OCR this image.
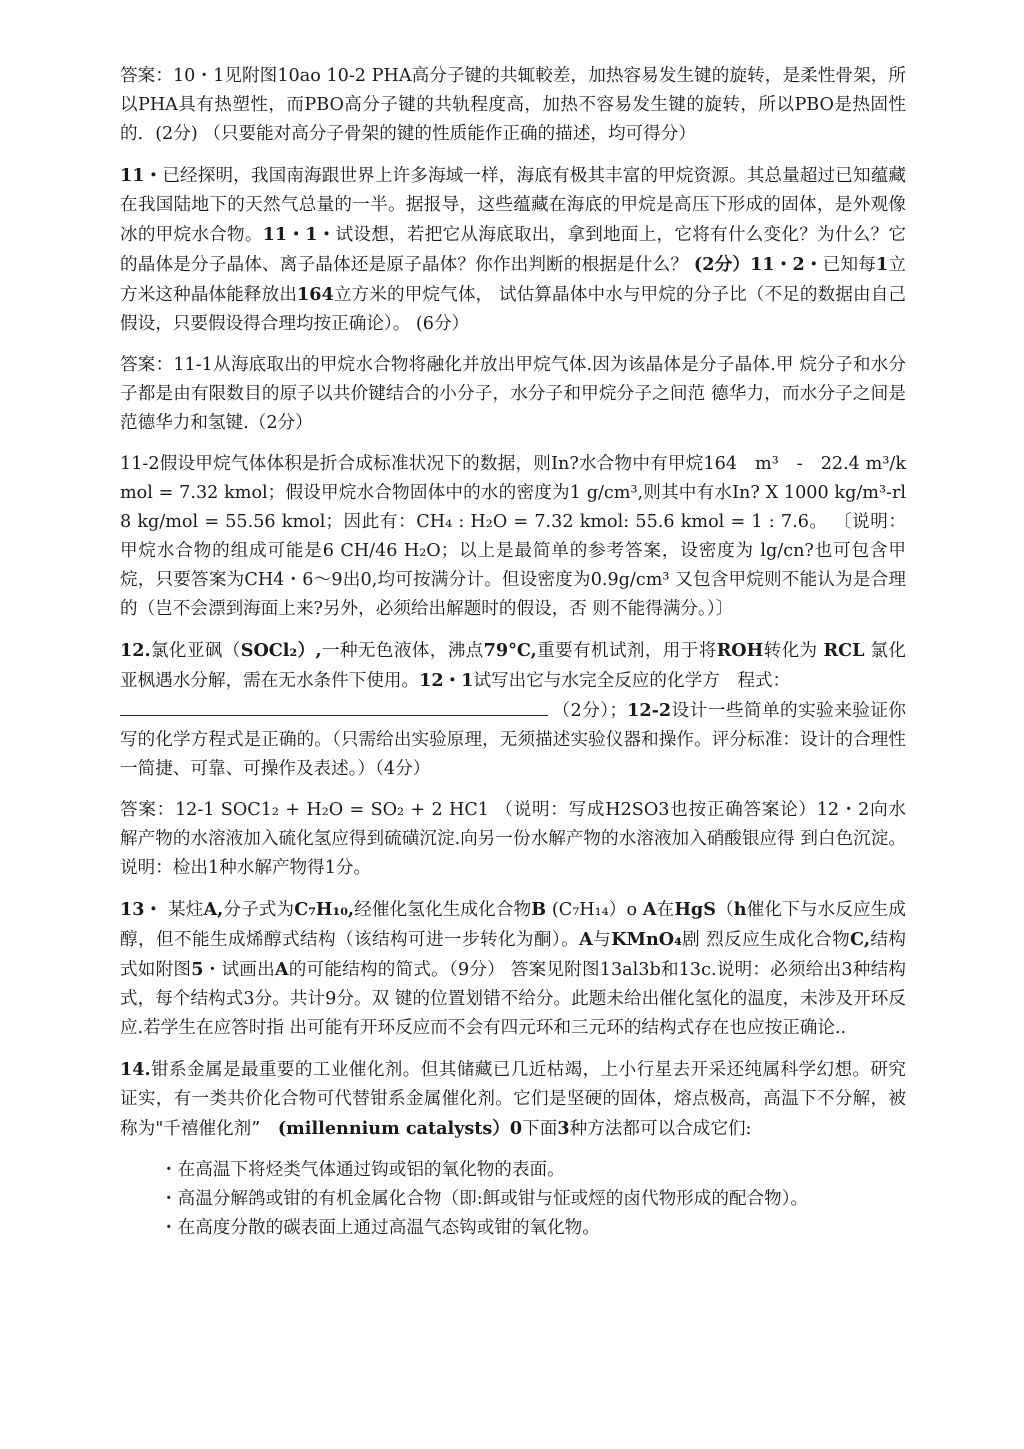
答案：10・1见附图10ao 10-2 PHA高分子键的共辄較差，加热容易发生键的旋转，是柔性骨架，所以PHA具有热塑性，而PBO高分子键的共轨程度高，加热不容易发生键的旋转，所以PBO是热固性的．(2分) （只要能对高分子骨架的键的性质能作正确的描述，均可得分）

11・已经探明，我国南海跟世界上许多海域一样，海底有极其丰富的甲烷资源。其总量超过已知蕴藏在我国陆地下的天然气总量的一半。据报导，这些蕴藏在海底的甲烷是高压下形成的固体，是外观像冰的甲烷水合物。11・1・试设想，若把它从海底取出，拿到地面上，它将有什么变化？为什么？它的晶体是分子晶体、离子晶体还是原子晶体？你作出判断的根据是什么？ (2分）11・2・已知每1立方米这种晶体能释放出164立方米的甲烷气体， 试估算晶体中水与甲烷的分子比（不足的数据由自己假设，只要假设得合理均按正确论）。 (6分）

答案：11-1从海底取出的甲烷水合物将融化并放出甲烷气体.因为该晶体是分子晶体.甲 烷分子和水分子都是由有限数目的原子以共价键结合的小分子，水分子和甲烷分子之间范 德华力，而水分子之间是范德华力和氢键.（2分）

11-2假设甲烷气体体积是折合成标准状况下的数据，则In?水合物中有甲烷164　m³　-　22.4 m³/kmol = 7.32 kmol；假设甲烷水合物固体中的水的密度为1 g/cm³,则其中有水In? X 1000 kg/m³-rl8 kg/mol = 55.56 kmol；因此有：CH₄ : H₂O = 7.32 kmol: 55.6 kmol = 1 : 7.6。 〔说明：甲烷水合物的组成可能是6 CH/46 H₂O；以上是最简单的参考答案，设密度为 lg/cn?也可包含甲烷，只要答案为CH4・6～9出0,均可按满分计。但设密度为0.9g/cm³ 又包含甲烷则不能认为是合理的（岂不会漂到海面上来?另外，必须给出解题时的假设，否 则不能得满分。）〕

12.氯化亚砜（SOCl₂）,一种无色液体，沸点79°C,重要有机试剂，用于将ROH转化为 RCL 氯化亚枫遇水分解，需在无水条件下使用。12・1试写出它与水完全反应的化学方　程式：
（2分）；12-2设计一些简单的实验来验证你写的化学方程式是正确的。（只需给出实验原理，无须描述实验仪器和操作。评分标准：设计的合理性一简捷、可靠、可操作及表述。）（4分）

答案：12-1 SOC1₂ + H₂O = SO₂ + 2 HC1 （说明：写成H2SO3也按正确答案论）12・2向水 解产物的水溶液加入硫化氢应得到硫磺沉淀.向另一份水解产物的水溶液加入硝酸银应得 到白色沉淀。说明：检出1种水解产物得1分。

13・ 某炷A,分子式为C₇H₁₀,经催化氢化生成化合物B (C₇H₁₄）o A在HgS（h催化下与水反应生成醇，但不能生成烯醇式结构（该结构可进一步转化为酮）。A与KMnO₄剧 烈反应生成化合物C,结构式如附图5・试画出A的可能结构的简式。（9分） 答案见附图13al3b和13c.说明：必须给出3种结构式，每个结构式3分。共计9分。双 键的位置划错不给分。此题未给出催化氢化的温度，未涉及开环反应.若学生在应答时指 出可能有开环反应而不会有四元环和三元环的结构式存在也应按正确论..

14.钳系金属是最重要的工业催化剂。但其储藏已几近枯竭，上小行星去开采还纯属科学幻想。研究证实，有一类共价化合物可代替钳系金属催化剂。它们是坚硬的固体，熔点极高，高温下不分解，被称为"千禧催化剂”　(millennium catalysts）0下面3种方法都可以合成它们:

・ 在高温下将烃类气体通过钩或铝的氧化物的表面。
・ 高温分解鸽或钳的有机金属化合物（即:餌或钳与怔或烴的卤代物形成的配合物）。
・ 在高度分散的碳表面上通过高温气态钩或钳的氧化物。
